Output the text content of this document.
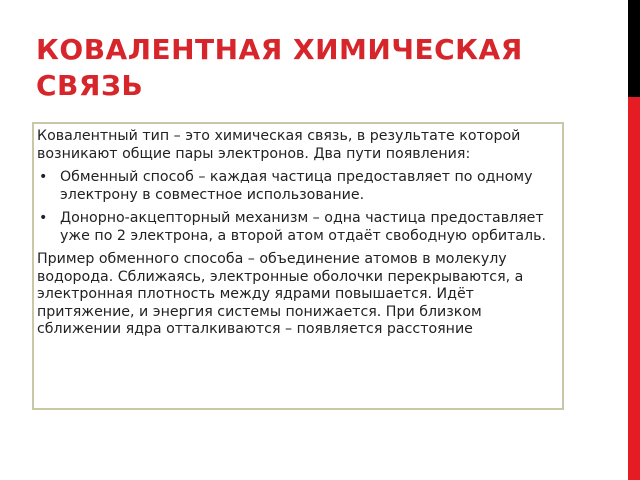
КОВАЛЕНТНАЯ ХИМИЧЕСКАЯ СВЯЗЬ

Ковалентный тип – это химическая связь, в результате которой возникают общие пары электронов. Два пути появления:

• Обменный способ – каждая частица предоставляет по одному электрону в совместное использование.
• Донорно-акцепторный механизм – одна частица предоставляет уже по 2 электрона, а второй атом отдаёт свободную орбиталь.

Пример обменного способа – объединение атомов в молекулу водорода. Сближаясь, электронные оболочки перекрываются, а электронная плотность между ядрами повышается. Идёт притяжение, и энергия системы понижается. При близком сближении ядра отталкиваются – появляется расстояние
